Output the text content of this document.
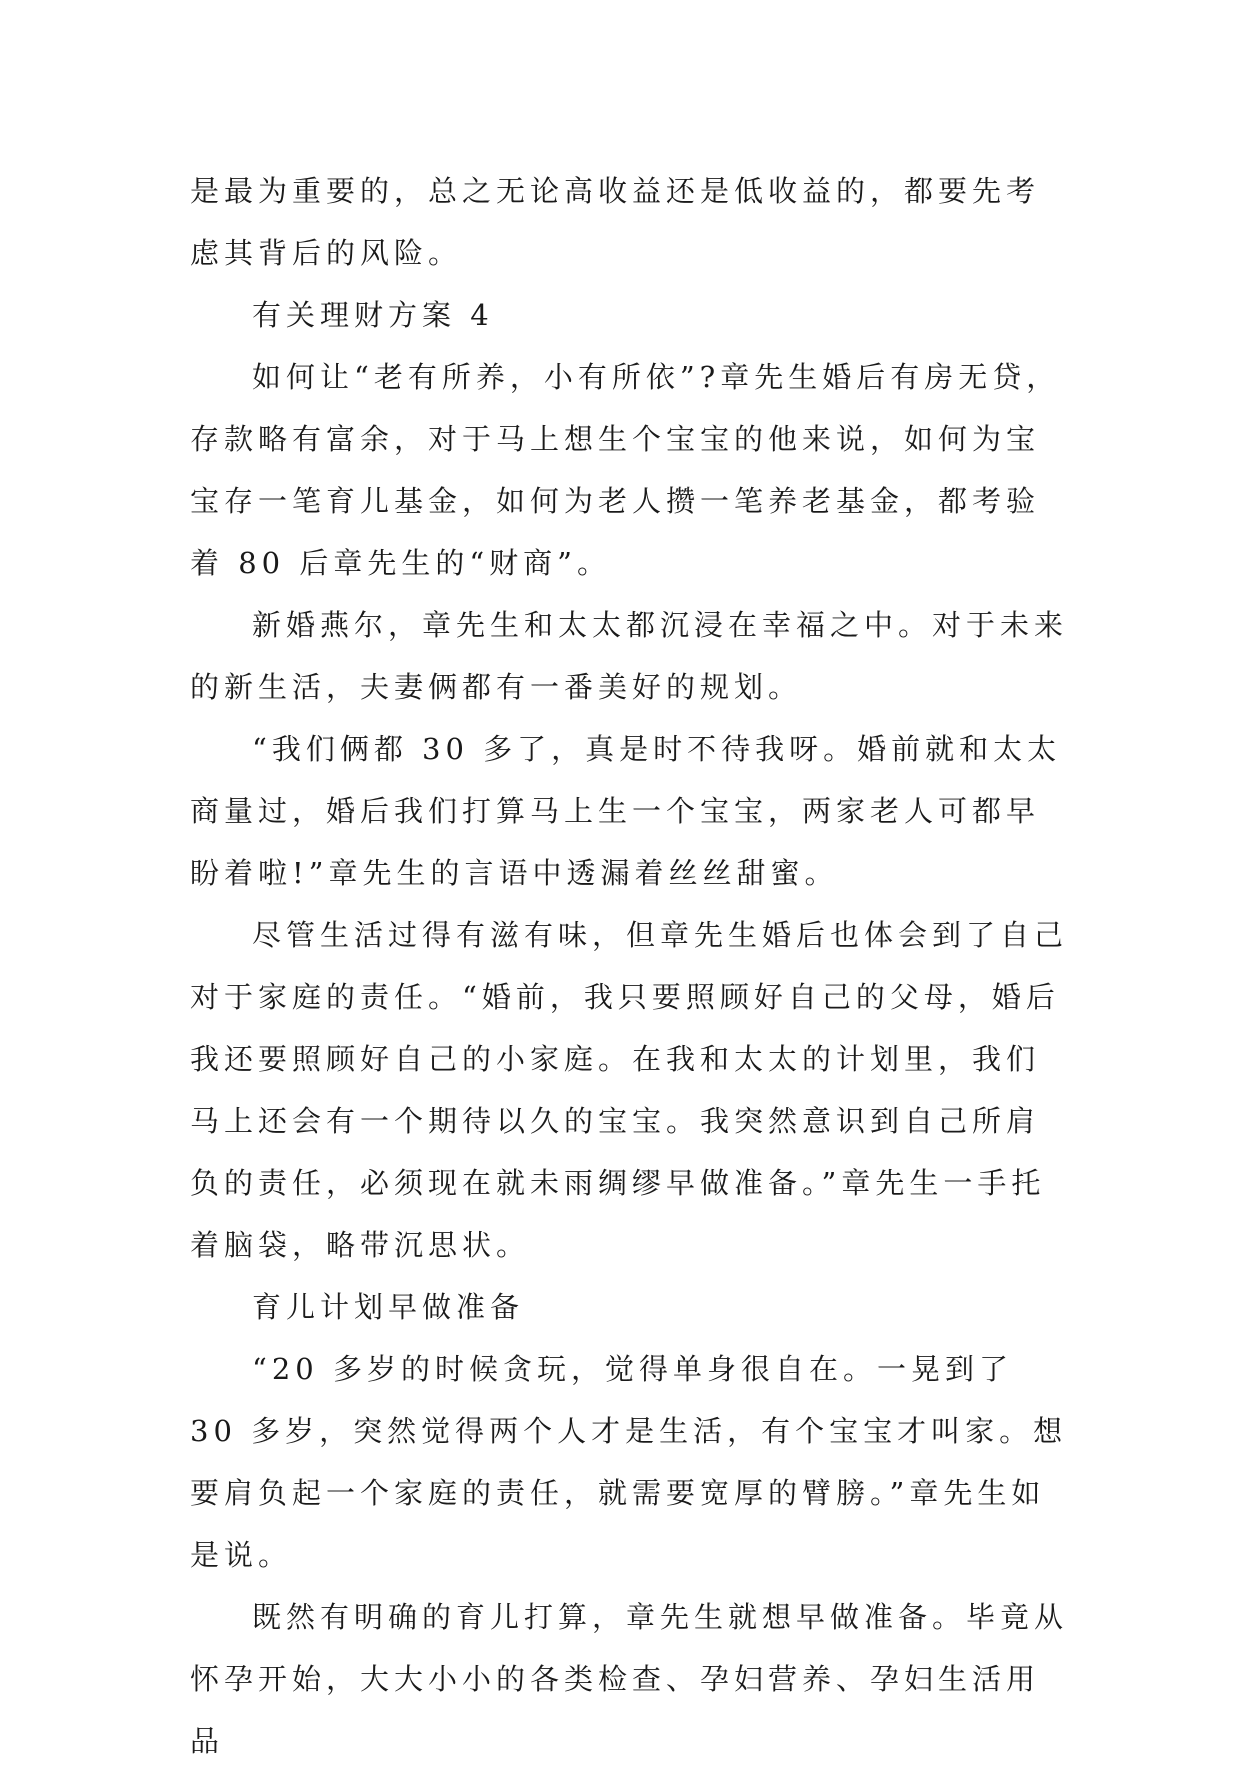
是最为重要的，总之无论高收益还是低收益的，都要先考虑其背后的风险。

有关理财方案 4

如何让“老有所养，小有所依”?章先生婚后有房无贷，存款略有富余，对于马上想生个宝宝的他来说，如何为宝宝存一笔育儿基金，如何为老人攒一笔养老基金，都考验着 80 后章先生的“财商”。

新婚燕尔，章先生和太太都沉浸在幸福之中。对于未来的新生活，夫妻俩都有一番美好的规划。

“我们俩都 30 多了，真是时不待我呀。婚前就和太太商量过，婚后我们打算马上生一个宝宝，两家老人可都早盼着啦!”章先生的言语中透漏着丝丝甜蜜。

尽管生活过得有滋有味，但章先生婚后也体会到了自己对于家庭的责任。“婚前，我只要照顾好自己的父母，婚后我还要照顾好自己的小家庭。在我和太太的计划里，我们马上还会有一个期待以久的宝宝。我突然意识到自己所肩负的责任，必须现在就未雨绸缪早做准备。”章先生一手托着脑袋，略带沉思状。

育儿计划早做准备

“20 多岁的时候贪玩，觉得单身很自在。一晃到了 30 多岁，突然觉得两个人才是生活，有个宝宝才叫家。想要肩负起一个家庭的责任，就需要宽厚的臂膀。”章先生如是说。

既然有明确的育儿打算，章先生就想早做准备。毕竟从怀孕开始，大大小小的各类检查、孕妇营养、孕妇生活用品
